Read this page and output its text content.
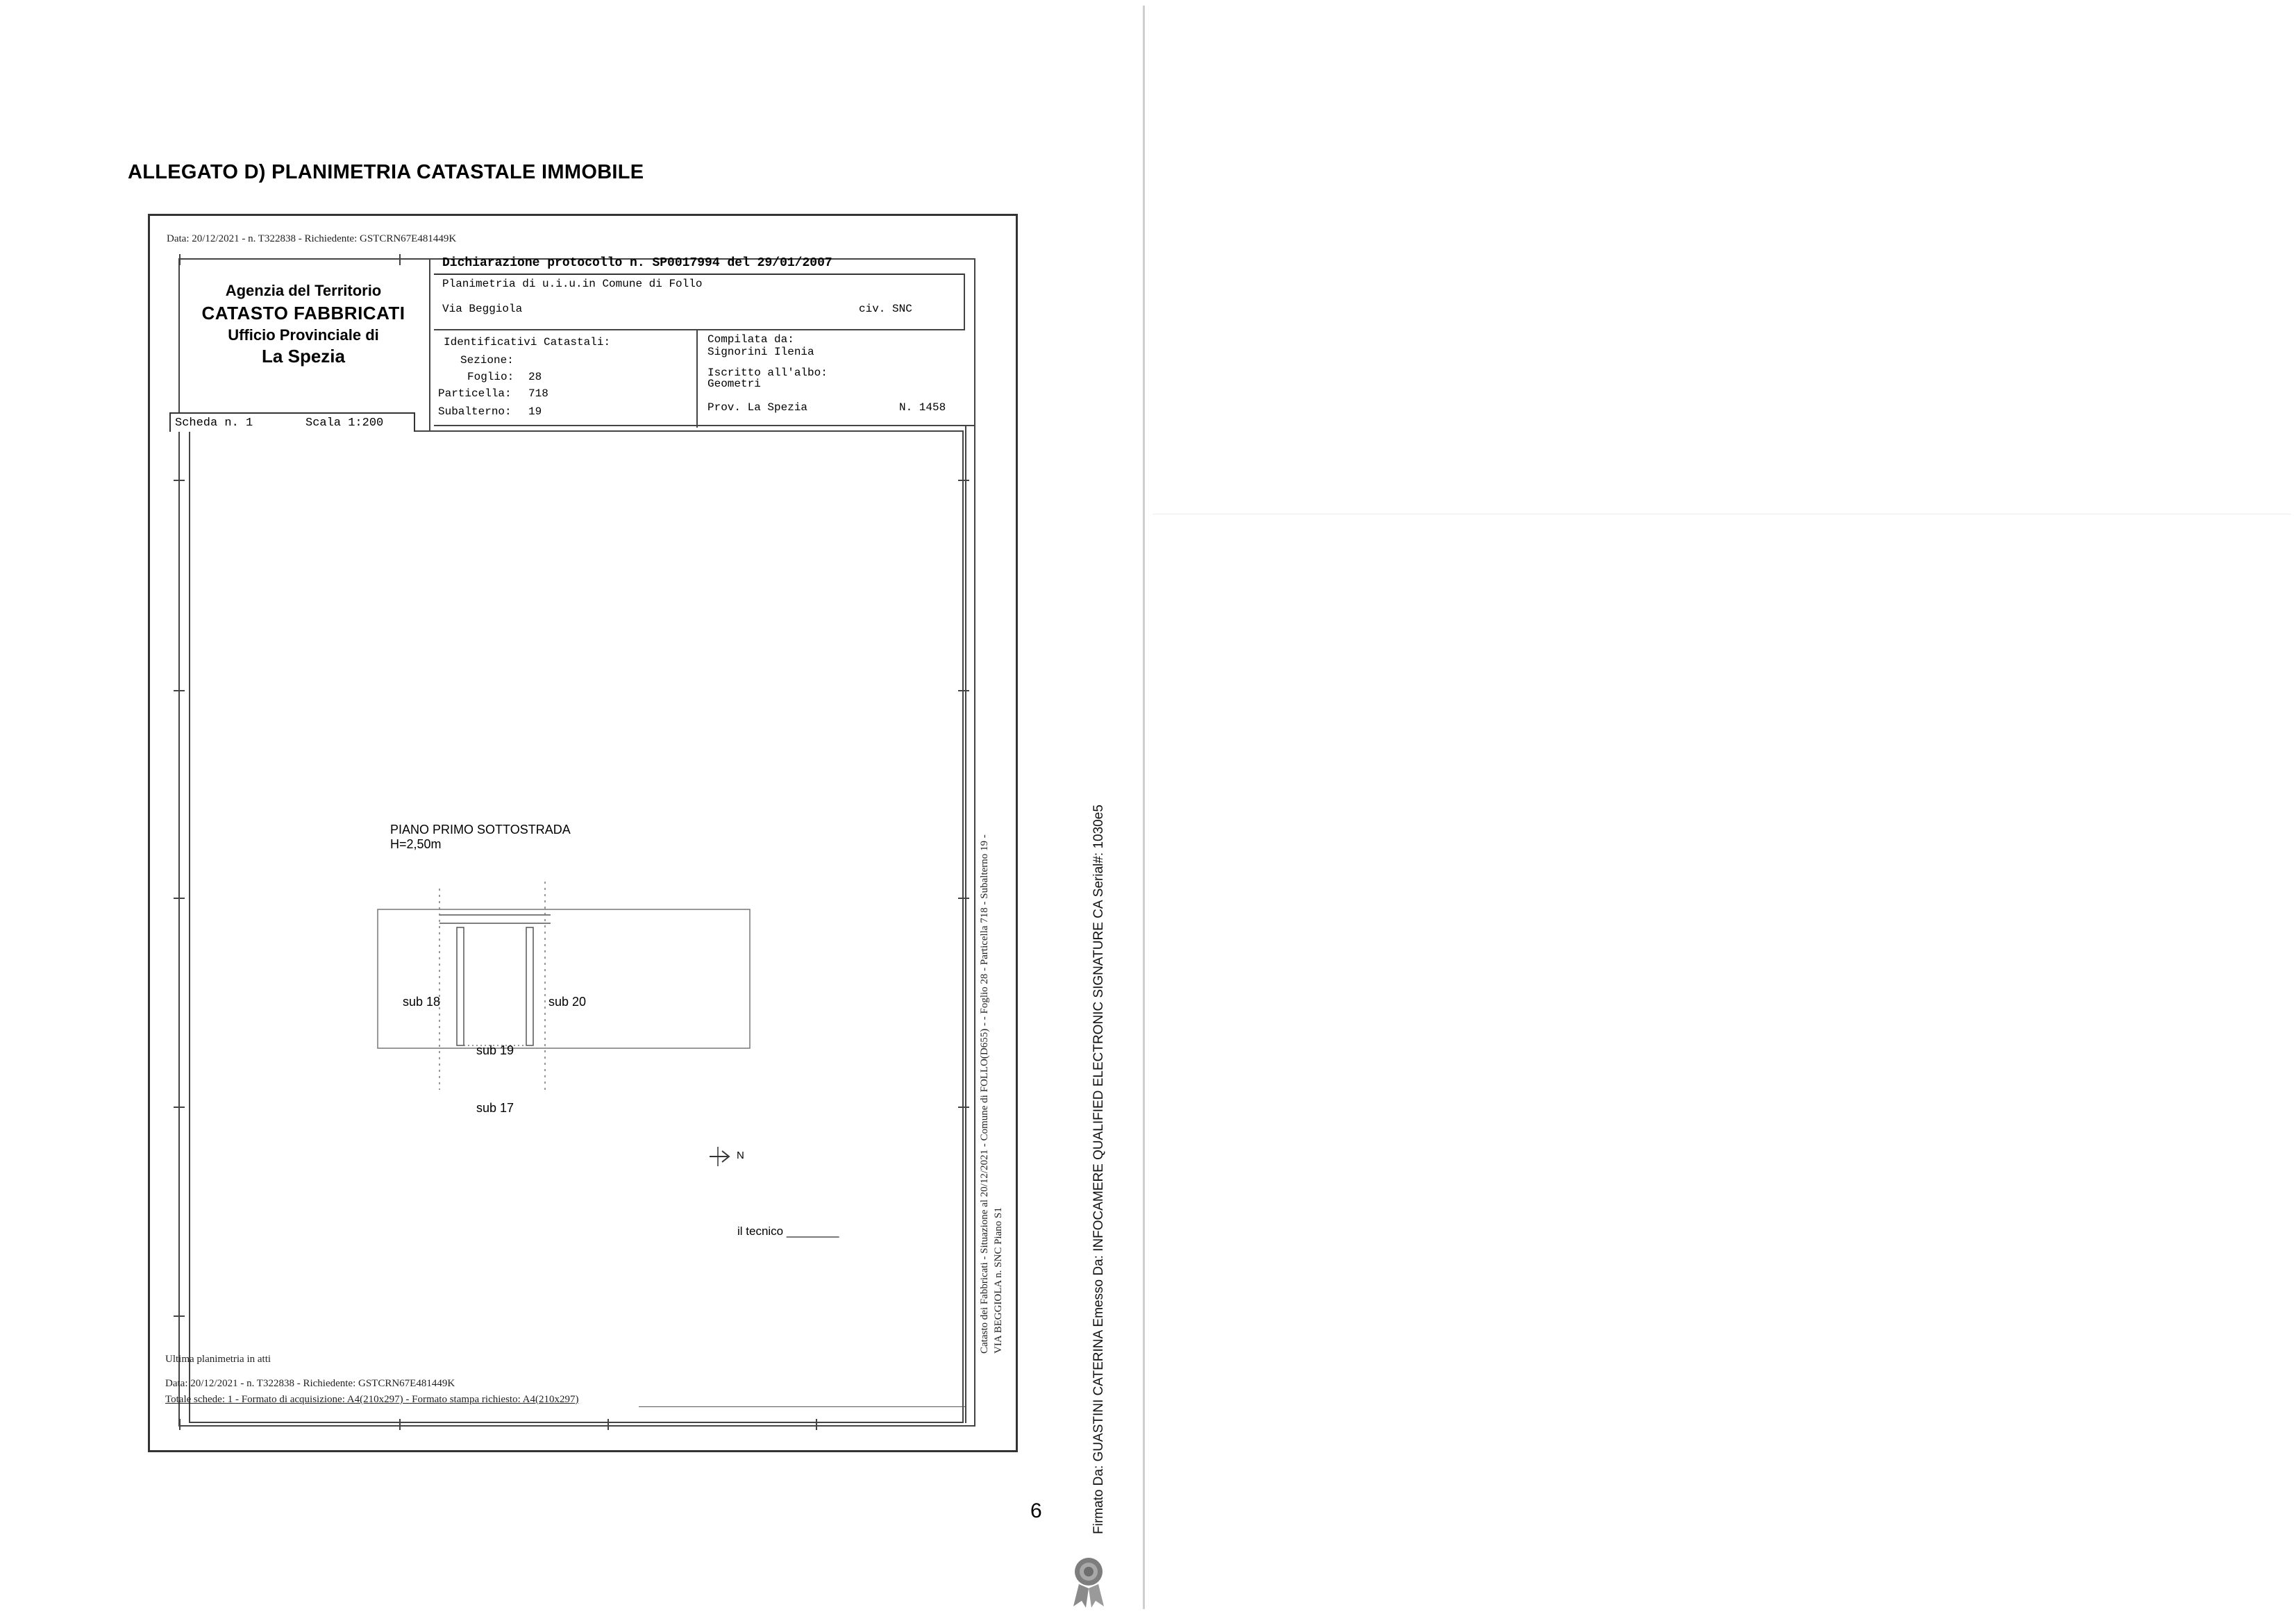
ALLEGATO D) PLANIMETRIA CATASTALE IMMOBILE
Data: 20/12/2021 - n. T322838 - Richiedente: GSTCRN67E481449K
Agenzia del Territorio
CATASTO FABBRICATI
Ufficio Provinciale di
La Spezia
Dichiarazione protocollo n. SP0017994 del 29/01/2007
Planimetria di u.i.u.in Comune di Follo
Via Beggiola	civ. SNC
Identificativi Catastali:
Sezione:
Foglio: 28
Particella: 718
Subalterno: 19
Compilata da:
Signorini Ilenia
Iscritto all'albo:
Geometri
Prov. La Spezia	N. 1458
Scheda n. 1	Scala 1:200
PIANO PRIMO SOTTOSTRADA
H=2,50m
sub 18	sub 20
sub 19
sub 17
N
il tecnico ________	Catasto dei Fabbricati - Situazione al 20/12/2021 - Comune di FOLLO(D655) - - Foglio 28 - Particella 718 - Subalterno 19 - VIA BEGGIOLA n. SNC Piano S1
Ultima planimetria in atti
Data: 20/12/2021 - n. T322838 - Richiedente: GSTCRN67E481449K
Totale schede: 1 - Formato di acquisizione: A4(210x297) - Formato stampa richiesto: A4(210x297)	Firmato Da: GUASTINI CATERINA Emesso Da: INFOCAMERE QUALIFIED ELECTRONIC SIGNATURE CA Serial#: 1030e5
6
